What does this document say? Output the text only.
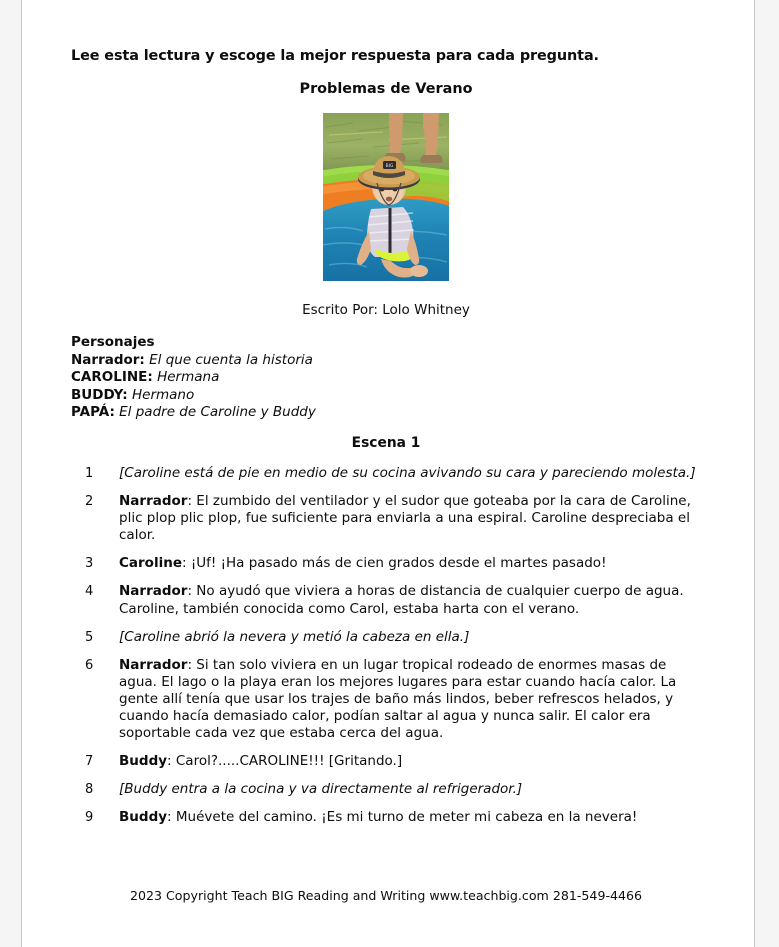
Lee esta lectura y escoge la mejor respuesta para cada pregunta.
Problemas de Verano
BIG
Escrito Por: Lolo Whitney
Personajes
Narrador: El que cuenta la historia
CAROLINE: Hermana
BUDDY: Hermano
PAPÁ: El padre de Caroline y Buddy
Escena 1
1 [Caroline está de pie en medio de su cocina avivando su cara y pareciendo molesta.]
2 Narrador: El zumbido del ventilador y el sudor que goteaba por la cara de Caroline, plic plop plic plop, fue suficiente para enviarla a una espiral. Caroline despreciaba el calor.
3 Caroline: ¡Uf! ¡Ha pasado más de cien grados desde el martes pasado!
4 Narrador: No ayudó que viviera a horas de distancia de cualquier cuerpo de agua. Caroline, también conocida como Carol, estaba harta con el verano.
5 [Caroline abrió la nevera y metió la cabeza en ella.]
6 Narrador: Si tan solo viviera en un lugar tropical rodeado de enormes masas de agua. El lago o la playa eran los mejores lugares para estar cuando hacía calor. La gente allí tenía que usar los trajes de baño más lindos, beber refrescos helados, y cuando hacía demasiado calor, podían saltar al agua y nunca salir. El calor era soportable cada vez que estaba cerca del agua.
7 Buddy: Carol?.....CAROLINE!!! [Gritando.]
8 [Buddy entra a la cocina y va directamente al refrigerador.]
9 Buddy: Muévete del camino. ¡Es mi turno de meter mi cabeza en la nevera!
2023 Copyright Teach BIG Reading and Writing www.teachbig.com 281-549-4466
